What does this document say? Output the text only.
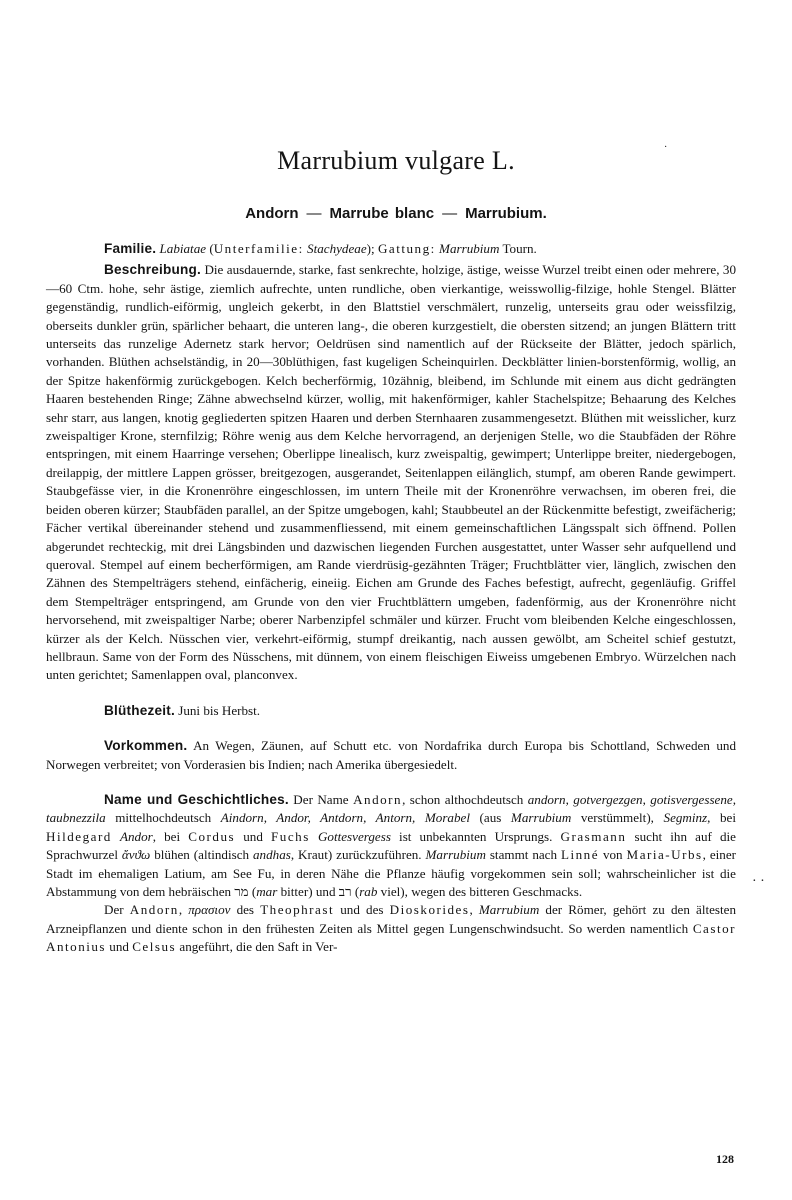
·
Marrubium vulgare L.
Andorn — Marrube blanc — Marrubium.

Familie. Labiatae (Unterfamilie: Stachydeae); Gattung: Marrubium Tourn.

Beschreibung. Die ausdauernde, starke, fast senkrechte, holzige, ästige, weisse Wurzel treibt einen oder mehrere, 30—60 Ctm. hohe, sehr ästige, ziemlich aufrechte, unten rundliche, oben vierkantige, weisswollig-filzige, hohle Stengel. Blätter gegenständig, rundlich-eiförmig, ungleich gekerbt, in den Blattstiel verschmälert, runzelig, unterseits grau oder weissfilzig, oberseits dunkler grün, spärlicher behaart, die unteren lang-, die oberen kurzgestielt, die obersten sitzend; an jungen Blättern tritt unterseits das runzelige Adernetz stark hervor; Oeldrüsen sind namentlich auf der Rückseite der Blätter, jedoch spärlich, vorhanden. Blüthen achselständig, in 20—30blüthigen, fast kugeligen Scheinquirlen. Deckblätter linien-borstenförmig, wollig, an der Spitze hakenförmig zurückgebogen. Kelch becherförmig, 10zähnig, bleibend, im Schlunde mit einem aus dicht gedrängten Haaren bestehenden Ringe; Zähne abwechselnd kürzer, wollig, mit hakenförmiger, kahler Stachelspitze; Behaarung des Kelches sehr starr, aus langen, knotig gegliederten spitzen Haaren und derben Sternhaaren zusammengesetzt. Blüthen mit weisslicher, kurz zweispaltiger Krone, sternfilzig; Röhre wenig aus dem Kelche hervorragend, an derjenigen Stelle, wo die Staubfäden der Röhre entspringen, mit einem Haarringe versehen; Oberlippe linealisch, kurz zweispaltig, gewimpert; Unterlippe breiter, niedergebogen, dreilappig, der mittlere Lappen grösser, breitgezogen, ausgerandet, Seitenlappen eilänglich, stumpf, am oberen Rande gewimpert. Staubgefässe vier, in die Kronenröhre eingeschlossen, im untern Theile mit der Kronenröhre verwachsen, im oberen frei, die beiden oberen kürzer; Staubfäden parallel, an der Spitze umgebogen, kahl; Staubbeutel an der Rückenmitte befestigt, zweifächerig; Fächer vertikal übereinander stehend und zusammenfliessend, mit einem gemeinschaftlichen Längsspalt sich öffnend. Pollen abgerundet rechteckig, mit drei Längsbinden und dazwischen liegenden Furchen ausgestattet, unter Wasser sehr aufquellend und queroval. Stempel auf einem becherförmigen, am Rande vierdrüsig-gezähnten Träger; Fruchtblätter vier, länglich, zwischen den Zähnen des Stempelträgers stehend, einfächerig, eineiig. Eichen am Grunde des Faches befestigt, aufrecht, gegenläufig. Griffel dem Stempelträger entspringend, am Grunde von den vier Fruchtblättern umgeben, fadenförmig, aus der Kronenröhre nicht hervorsehend, mit zweispaltiger Narbe; oberer Narbenzipfel schmäler und kürzer. Frucht vom bleibenden Kelche eingeschlossen, kürzer als der Kelch. Nüsschen vier, verkehrt-eiförmig, stumpf dreikantig, nach aussen gewölbt, am Scheitel schief gestutzt, hellbraun. Same von der Form des Nüsschens, mit dünnem, von einem fleischigen Eiweiss umgebenen Embryo. Würzelchen nach unten gerichtet; Samenlappen oval, planconvex.

Blüthezeit. Juni bis Herbst.

Vorkommen. An Wegen, Zäunen, auf Schutt etc. von Nordafrika durch Europa bis Schottland, Schweden und Norwegen verbreitet; von Vorderasien bis Indien; nach Amerika übergesiedelt.

Name und Geschichtliches. Der Name Andorn, schon althochdeutsch andorn, gotvergezgen, gotisvergessene, taubnezzila mittelhochdeutsch Aindorn, Andor, Antdorn, Antorn, Morabel (aus Marrubium verstümmelt), Segminz, bei Hildegard Andor, bei Cordus und Fuchs Gottesvergess ist unbekannten Ursprungs. Grasmann sucht ihn auf die Sprachwurzel ἄνϑω blühen (altindisch andhas, Kraut) zurückzuführen. Marrubium stammt nach Linné von Maria-Urbs, einer Stadt im ehemaligen Latium, am See Fu, in deren Nähe die Pflanze häufig vorgekommen sein soll; wahrscheinlicher ist die Abstammung von dem hebräischen מר (mar bitter) und רב (rab viel), wegen des bitteren Geschmacks.

Der Andorn, πρασιον des Theophrast und des Dioskorides, Marrubium der Römer, gehört zu den ältesten Arzneipflanzen und diente schon in den frühesten Zeiten als Mittel gegen Lungenschwindsucht. So werden namentlich Castor Antonius und Celsus angeführt, die den Saft in Ver-

· ·
128
